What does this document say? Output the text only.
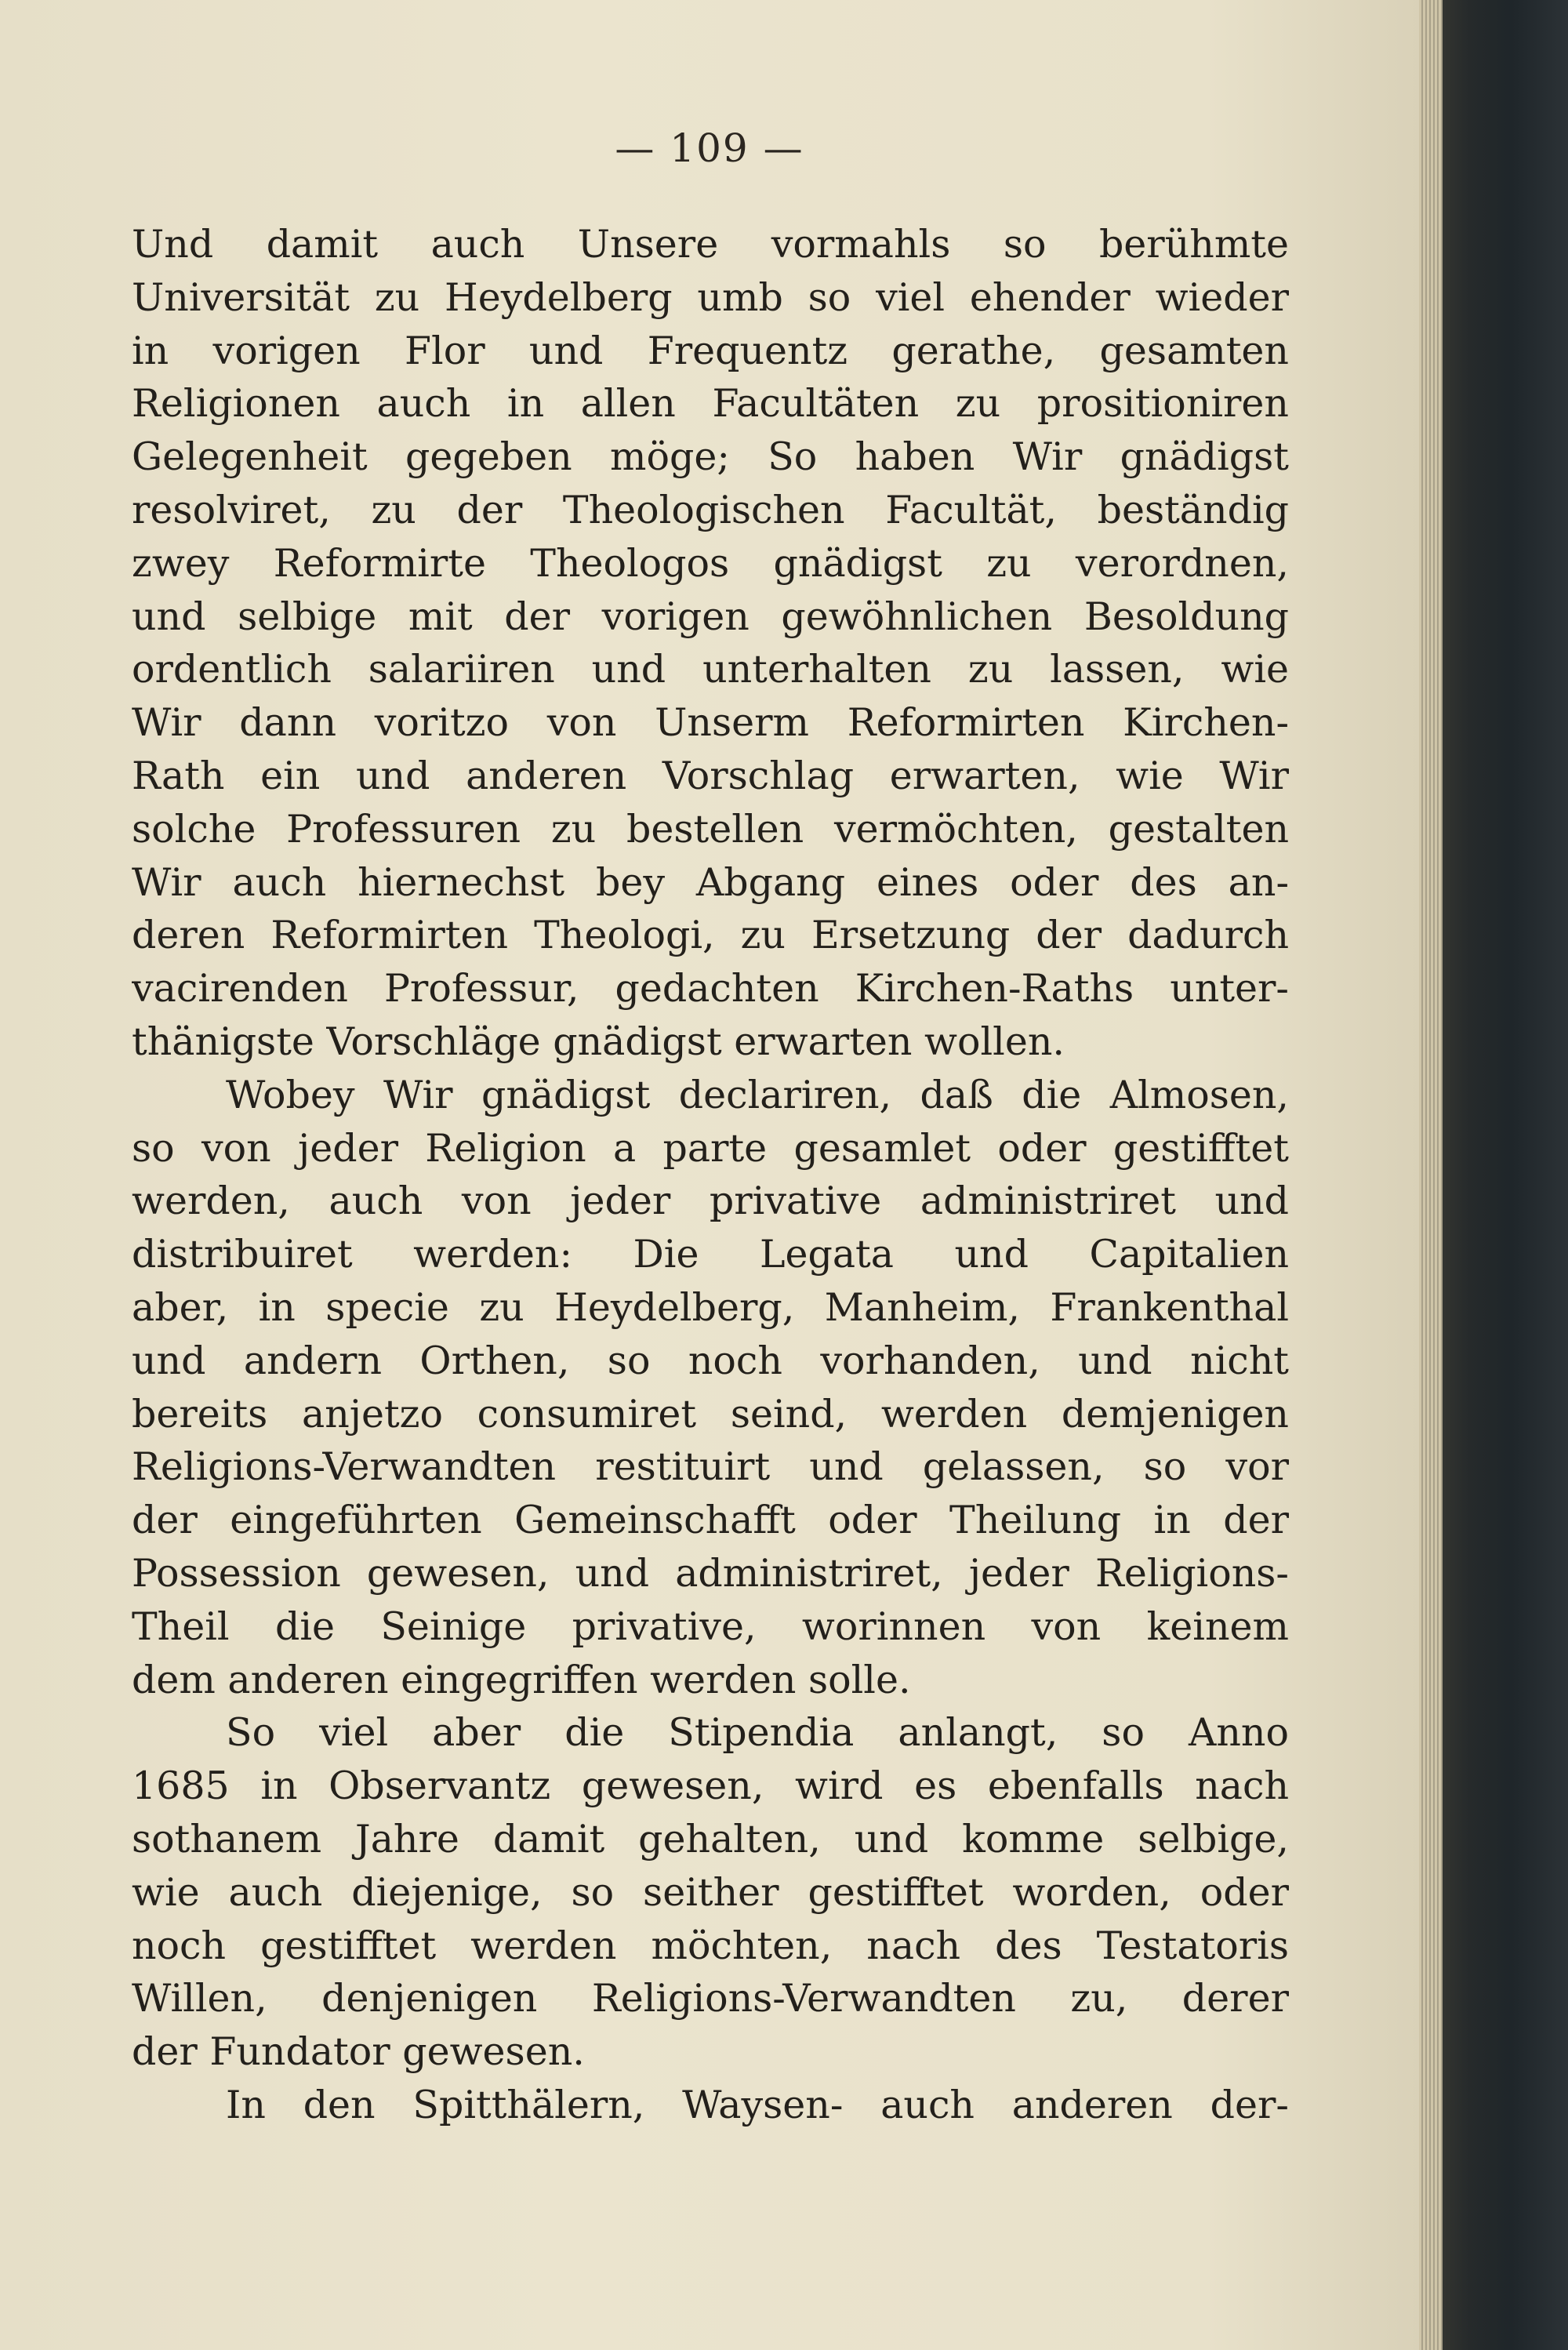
— 109 —
Und damit auch Unsere vormahls so berühmte
Universität zu Heydelberg umb so viel ehender wieder
in vorigen Flor und Frequentz gerathe, gesamten
Religionen auch in allen Facultäten zu prositioniren
Gelegenheit gegeben möge; So haben Wir gnädigst
resolviret, zu der Theologischen Facultät, beständig
zwey Reformirte Theologos gnädigst zu verordnen,
und selbige mit der vorigen gewöhnlichen Besoldung
ordentlich salariiren und unterhalten zu lassen, wie
Wir dann voritzo von Unserm Reformirten Kirchen-
Rath ein und anderen Vorschlag erwarten, wie Wir
solche Professuren zu bestellen vermöchten, gestalten
Wir auch hiernechst bey Abgang eines oder des an-
deren Reformirten Theologi, zu Ersetzung der dadurch
vacirenden Professur, gedachten Kirchen-Raths unter-
thänigste Vorschläge gnädigst erwarten wollen.
Wobey Wir gnädigst declariren, daß die Almosen,
so von jeder Religion a parte gesamlet oder gestifftet
werden, auch von jeder privative administriret und
distribuiret werden: Die Legata und Capitalien
aber, in specie zu Heydelberg, Manheim, Frankenthal
und andern Orthen, so noch vorhanden, und nicht
bereits anjetzo consumiret seind, werden demjenigen
Religions-Verwandten restituirt und gelassen, so vor
der eingeführten Gemeinschafft oder Theilung in der
Possession gewesen, und administriret, jeder Religions-
Theil die Seinige privative, worinnen von keinem
dem anderen eingegriffen werden solle.
So viel aber die Stipendia anlangt, so Anno
1685 in Observantz gewesen, wird es ebenfalls nach
sothanem Jahre damit gehalten, und komme selbige,
wie auch diejenige, so seither gestifftet worden, oder
noch gestifftet werden möchten, nach des Testatoris
Willen, denjenigen Religions-Verwandten zu, derer
der Fundator gewesen.
In den Spitthälern, Waysen- auch anderen der-
